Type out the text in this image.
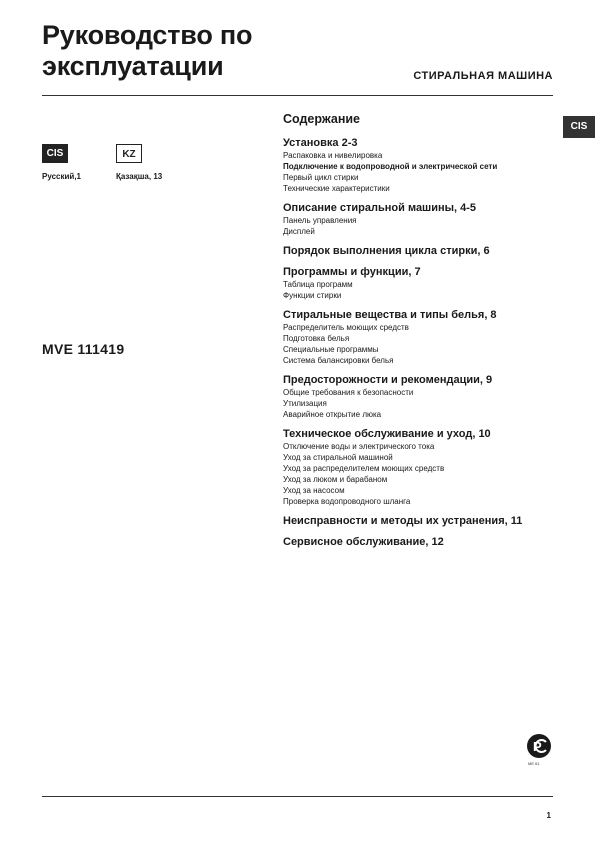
Руководство по
эксплуатации	СТИРАЛЬНАЯ МАШИНА
CIS
CIS
Русский,1
KZ
Қазақша, 13
MVE 111419
Содержание
Установка 2-3
Распаковка и нивелировка
Подключение к водопроводной и электрической сети
Первый цикл стирки
Технические характеристики
Описание стиральной машины, 4-5
Панель управления
Дисплей
Порядок выполнения цикла стирки, 6
Программы и функции, 7
Таблица программ
Функции стирки
Стиральные вещества и типы белья, 8
Распределитель моющих средств
Подготовка белья
Специальные программы
Система балансировки белья
Предосторожности и рекомендации, 9
Общие требования к безопасности
Утилизация
Аварийное открытие люка
Техническое обслуживание и уход, 10
Отключение воды и электрического тока
Уход за стиральной машиной
Уход за распределителем моющих средств
Уход за люком и барабаном
Уход за насосом
Проверка водопроводного шланга
Неисправности и методы их устранения, 11
Сервисное обслуживание, 12
Р
МЕ 61
1
